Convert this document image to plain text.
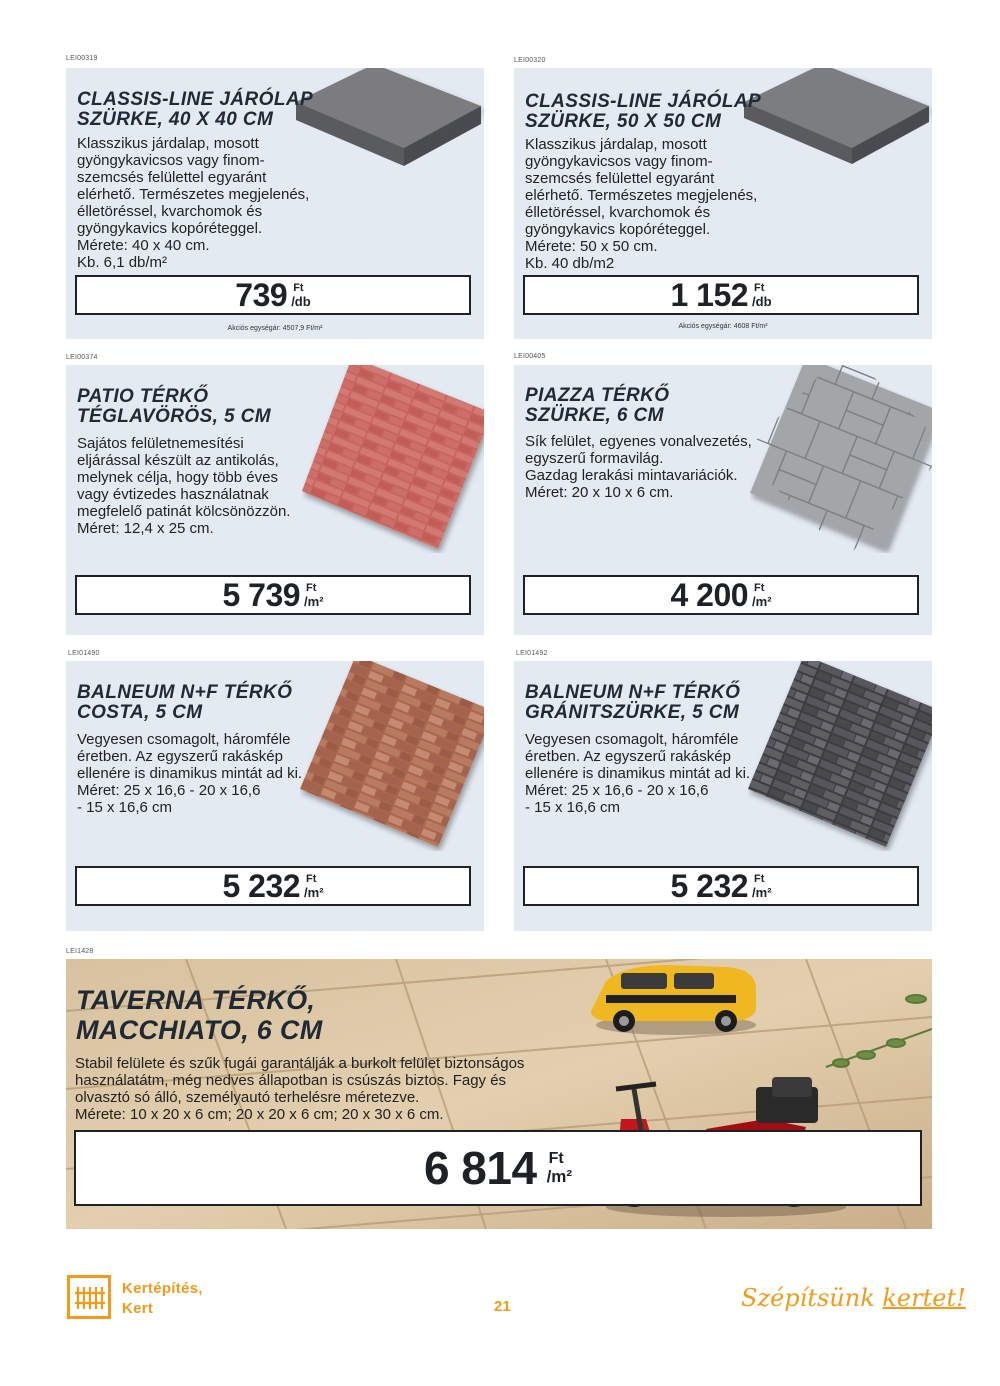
LEI00319
CLASSIS-LINE JÁRÓLAP
SZÜRKE, 40 X 40 CM
Klasszikus járdalap, mosott
gyöngykavicsos vagy finom-
szemcsés felülettel egyaránt
elérhető. Természetes megjelenés,
élletöréssel, kvarchomok és
gyöngykavics kopóréteggel.
Mérete: 40 x 40 cm.
Kb. 6,1 db/m²
739 Ft
/db
Akciós egységár: 4507,9 Ft/m²
LEI00320
CLASSIS-LINE JÁRÓLAP
SZÜRKE, 50 X 50 CM
Klasszikus járdalap, mosott
gyöngykavicsos vagy finom-
szemcsés felülettel egyaránt
elérhető. Természetes megjelenés,
élletöréssel, kvarchomok és
gyöngykavics kopóréteggel.
Mérete: 50 x 50 cm.
Kb. 40 db/m2
1 152 Ft
/db
Akciós egységár: 4608 Ft/m²
LEI00374
PATIO TÉRKŐ
TÉGLAVÖRÖS, 5 CM
Sajátos felületnemesítési
eljárással készült az antikolás,
melynek célja, hogy több éves
vagy évtizedes használatnak
megfelelő patinát kölcsönözzön.
Méret: 12,4 x 25 cm.
5 739 Ft
/m²
LEI00405
PIAZZA TÉRKŐ
SZÜRKE, 6 CM
Sík felület, egyenes vonalvezetés,
egyszerű formavilág.
Gazdag lerakási mintavariációk.
Méret: 20 x 10 x 6 cm.
4 200 Ft
/m²
LEI01490
BALNEUM N+F TÉRKŐ
COSTA, 5 CM
Vegyesen csomagolt, háromféle
éretben. Az egyszerű rakáskép
ellenére is dinamikus mintát ad ki.
Méret: 25 x 16,6 - 20 x 16,6
- 15 x 16,6 cm
5 232 Ft
/m²
LEI01492
BALNEUM N+F TÉRKŐ
GRÁNITSZÜRKE, 5 CM
Vegyesen csomagolt, háromféle
éretben. Az egyszerű rakáskép
ellenére is dinamikus mintát ad ki.
Méret: 25 x 16,6 - 20 x 16,6
- 15 x 16,6 cm
5 232 Ft
/m²
LEI1428
TAVERNA TÉRKŐ,
MACCHIATO, 6 CM
Stabil felülete és szűk fugái garantálják a burkolt felület biztonságos
használatátm, még nedves állapotban is csúszás biztos. Fagy és
olvasztó só álló, személyautó terhelésre méretezve.
Mérete: 10 x 20 x 6 cm; 20 x 20 x 6 cm; 20 x 30 x 6 cm.
6 814 Ft
/m²
Kertépítés,
Kert	21	Szépítsünk kertet!
